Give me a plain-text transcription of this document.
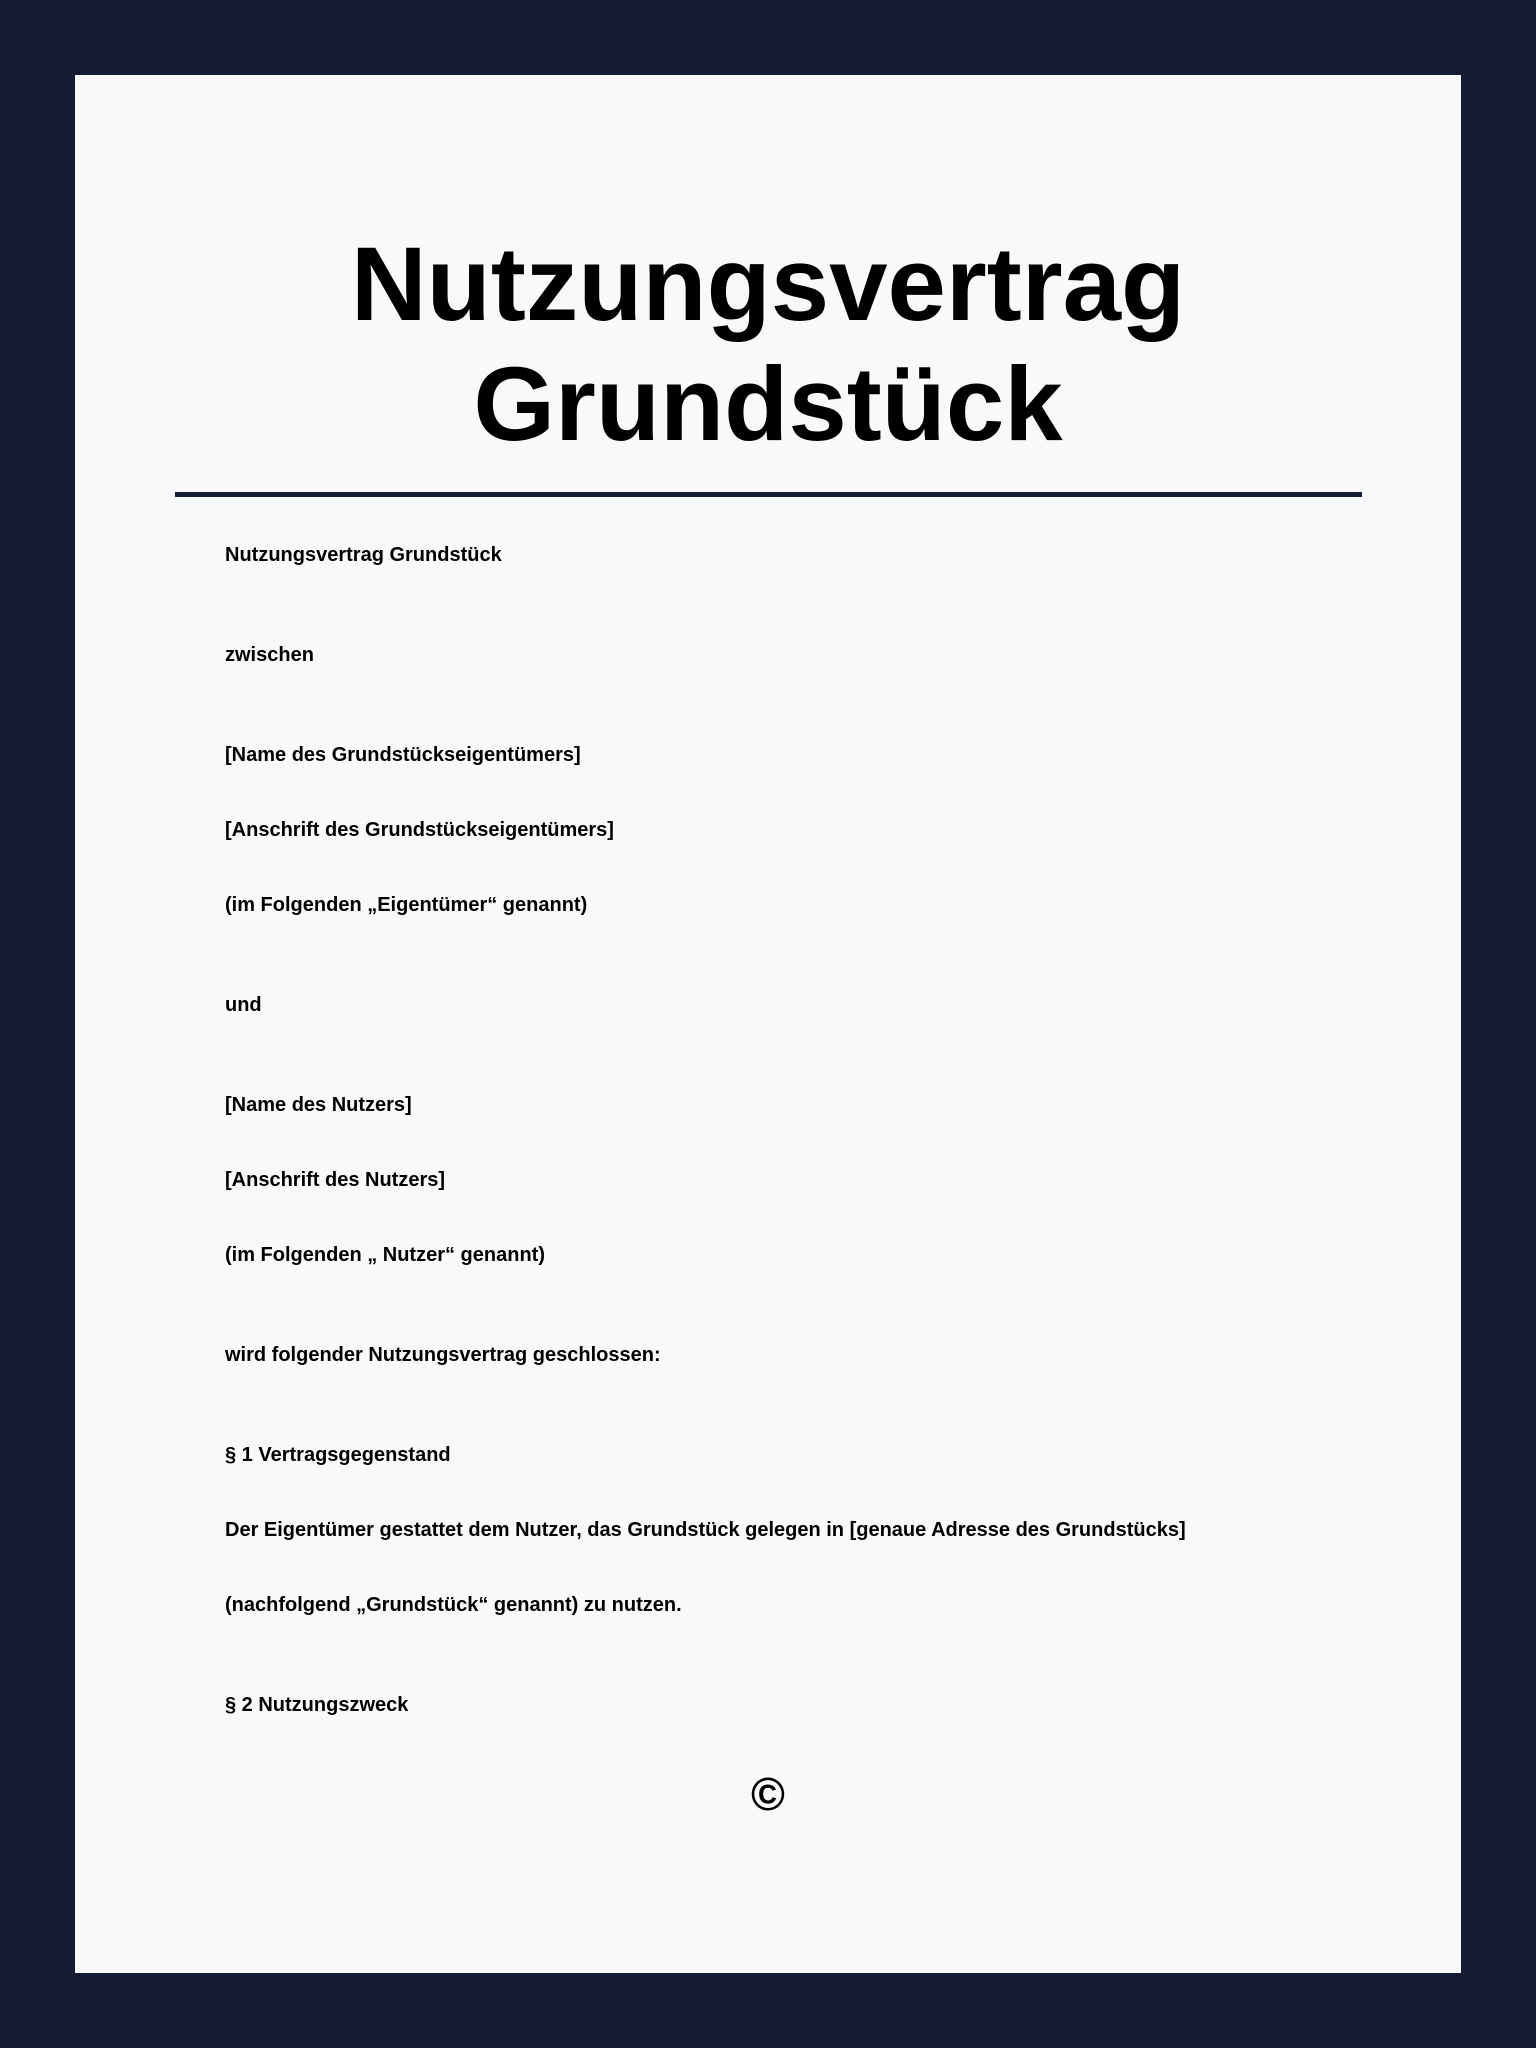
Nutzungsvertrag
Grundstück

Nutzungsvertrag Grundstück

zwischen

[Name des Grundstückseigentümers]

[Anschrift des Grundstückseigentümers]

(im Folgenden „Eigentümer“ genannt)

und

[Name des Nutzers]

[Anschrift des Nutzers]

(im Folgenden „ Nutzer“ genannt)

wird folgender Nutzungsvertrag geschlossen:

§ 1 Vertragsgegenstand

Der Eigentümer gestattet dem Nutzer, das Grundstück gelegen in [genaue Adresse des Grundstücks]

(nachfolgend „Grundstück“ genannt) zu nutzen.

§ 2 Nutzungszweck

©
